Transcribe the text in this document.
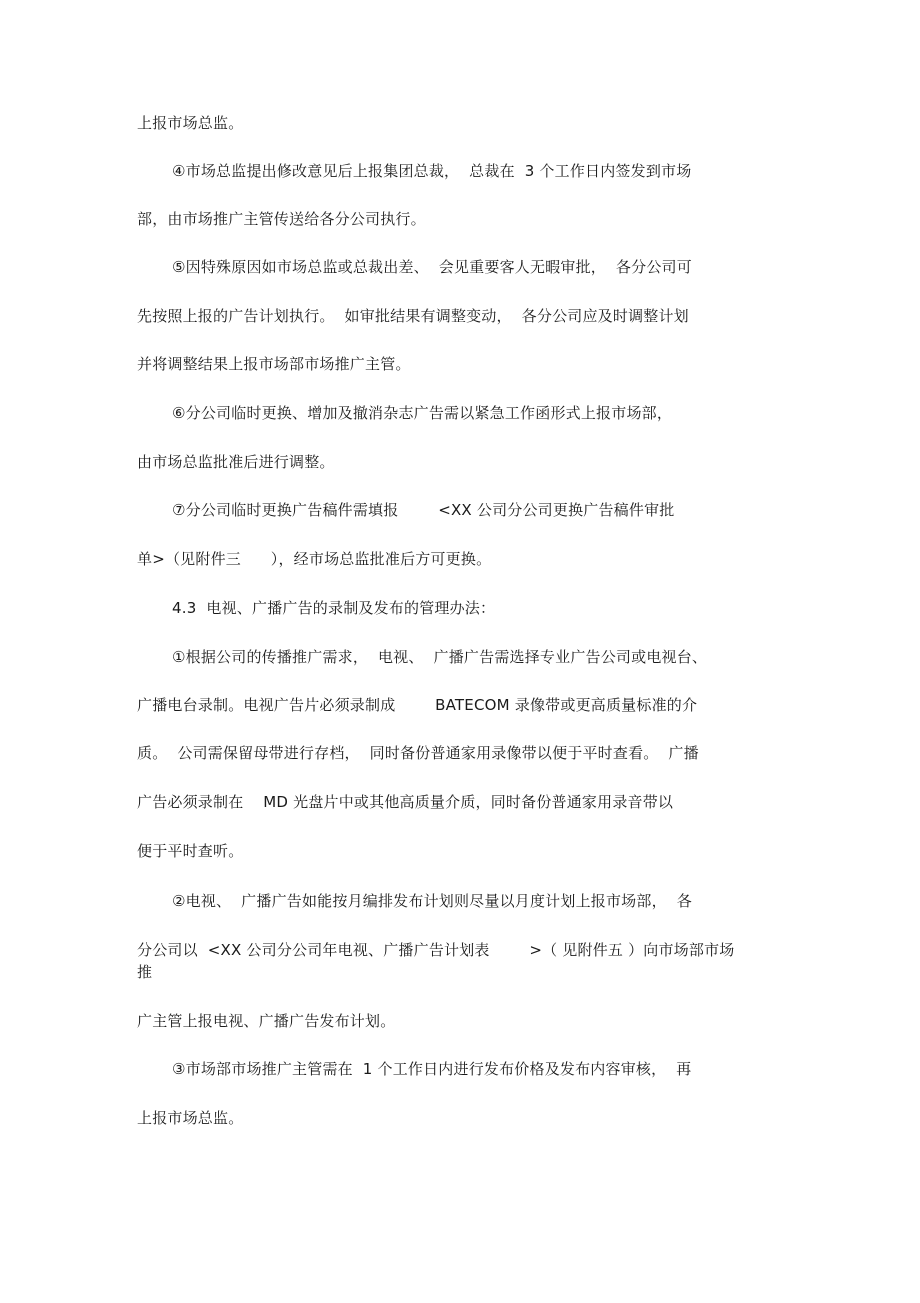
上报市场总监。
④市场总监提出修改意见后上报集团总裁，  总裁在  3 个工作日内签发到市场
部，由市场推广主管传送给各分公司执行。
⑤因特殊原因如市场总监或总裁出差、  会见重要客人无暇审批，  各分公司可
先按照上报的广告计划执行。  如审批结果有调整变动，  各分公司应及时调整计划
并将调整结果上报市场部市场推广主管。
⑥分公司临时更换、增加及撤消杂志广告需以紧急工作函形式上报市场部，
由市场总监批准后进行调整。
⑦分公司临时更换广告稿件需填报        <XX 公司分公司更换广告稿件审批
单>（见附件三      ），经市场总监批准后方可更换。
4.3  电视、广播广告的录制及发布的管理办法：
①根据公司的传播推广需求，  电视、  广播广告需选择专业广告公司或电视台、
广播电台录制。电视广告片必须录制成        BATECOM 录像带或更高质量标准的介
质。  公司需保留母带进行存档，  同时备份普通家用录像带以便于平时查看。  广播
广告必须录制在    MD 光盘片中或其他高质量介质，同时备份普通家用录音带以
便于平时查听。
②电视、  广播广告如能按月编排发布计划则尽量以月度计划上报市场部，  各
分公司以  <XX 公司分公司年电视、广播广告计划表        >（ 见附件五 ）向市场部市场
推
广主管上报电视、广播广告发布计划。
③市场部市场推广主管需在  1 个工作日内进行发布价格及发布内容审核，  再
上报市场总监。
